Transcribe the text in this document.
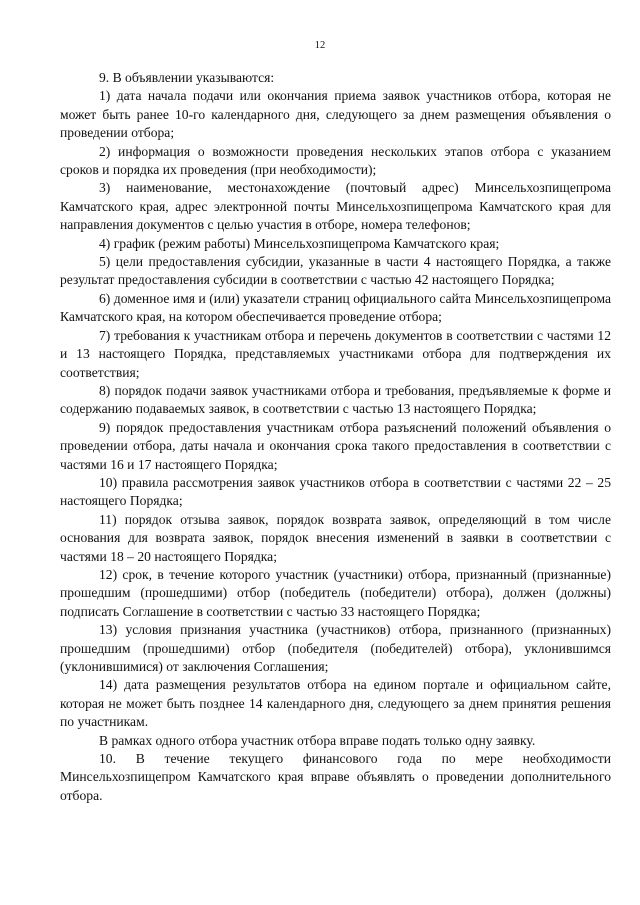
12

9. В объявлении указываются:

1) дата начала подачи или окончания приема заявок участников отбора, которая не может быть ранее 10-го календарного дня, следующего за днем размещения объявления о проведении отбора;

2) информация о возможности проведения нескольких этапов отбора с указанием сроков и порядка их проведения (при необходимости);

3) наименование, местонахождение (почтовый адрес) Минсельхозпищепрома Камчатского края, адрес электронной почты Минсельхозпищепрома Камчатского края для направления документов с целью участия в отборе, номера телефонов;

4) график (режим работы) Минсельхозпищепрома Камчатского края;

5) цели предоставления субсидии, указанные в части 4 настоящего Порядка, а также результат предоставления субсидии в соответствии с частью 42 настоящего Порядка;

6) доменное имя и (или) указатели страниц официального сайта Минсельхозпищепрома Камчатского края, на котором обеспечивается проведение отбора;

7) требования к участникам отбора и перечень документов в соответствии с частями 12 и 13 настоящего Порядка, представляемых участниками отбора для подтверждения их соответствия;

8) порядок подачи заявок участниками отбора и требования, предъявляемые к форме и содержанию подаваемых заявок, в соответствии с частью 13 настоящего Порядка;

9) порядок предоставления участникам отбора разъяснений положений объявления о проведении отбора, даты начала и окончания срока такого предоставления в соответствии с частями 16 и 17 настоящего Порядка;

10) правила рассмотрения заявок участников отбора в соответствии с частями 22 – 25 настоящего Порядка;

11) порядок отзыва заявок, порядок возврата заявок, определяющий в том числе основания для возврата заявок, порядок внесения изменений в заявки в соответствии с частями 18 – 20 настоящего Порядка;

12) срок, в течение которого участник (участники) отбора, признанный (признанные) прошедшим (прошедшими) отбор (победитель (победители) отбора), должен (должны) подписать Соглашение в соответствии с частью 33 настоящего Порядка;

13) условия признания участника (участников) отбора, признанного (признанных) прошедшим (прошедшими) отбор (победителя (победителей) отбора), уклонившимся (уклонившимися) от заключения Соглашения;

14) дата размещения результатов отбора на едином портале и официальном сайте, которая не может быть позднее 14 календарного дня, следующего за днем принятия решения по участникам.

В рамках одного отбора участник отбора вправе подать только одну заявку.

10. В течение текущего финансового года по мере необходимости Минсельхозпищепром Камчатского края вправе объявлять о проведении дополнительного отбора.
